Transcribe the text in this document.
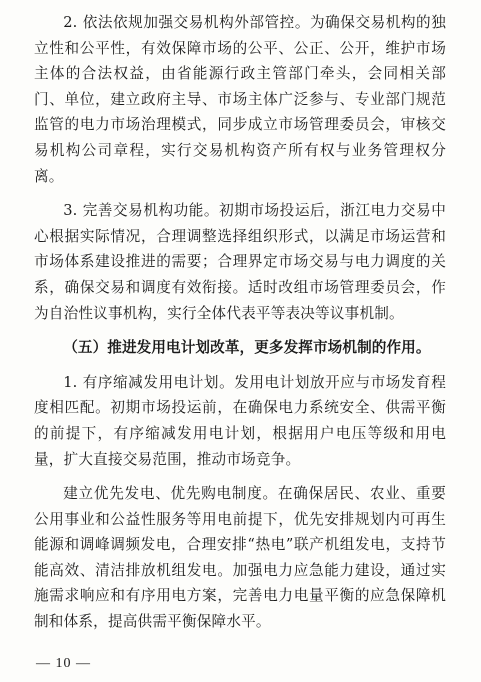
2. 依法依规加强交易机构外部管控。为确保交易机构的独立性和公平性，有效保障市场的公平、公正、公开，维护市场主体的合法权益，由省能源行政主管部门牵头，会同相关部门、单位，建立政府主导、市场主体广泛参与、专业部门规范监管的电力市场治理模式，同步成立市场管理委员会，审核交易机构公司章程，实行交易机构资产所有权与业务管理权分离。

3. 完善交易机构功能。初期市场投运后，浙江电力交易中心根据实际情况，合理调整选择组织形式，以满足市场运营和市场体系建设推进的需要；合理界定市场交易与电力调度的关系，确保交易和调度有效衔接。适时改组市场管理委员会，作为自治性议事机构，实行全体代表平等表决等议事机制。

（五）推进发用电计划改革，更多发挥市场机制的作用。

1. 有序缩减发用电计划。发用电计划放开应与市场发育程度相匹配。初期市场投运前，在确保电力系统安全、供需平衡的前提下，有序缩减发用电计划，根据用户电压等级和用电量，扩大直接交易范围，推动市场竞争。

建立优先发电、优先购电制度。在确保居民、农业、重要公用事业和公益性服务等用电前提下，优先安排规划内可再生能源和调峰调频发电，合理安排“热电”联产机组发电，支持节能高效、清洁排放机组发电。加强电力应急能力建设，通过实施需求响应和有序用电方案，完善电力电量平衡的应急保障机制和体系，提高供需平衡保障水平。

— 10 —
